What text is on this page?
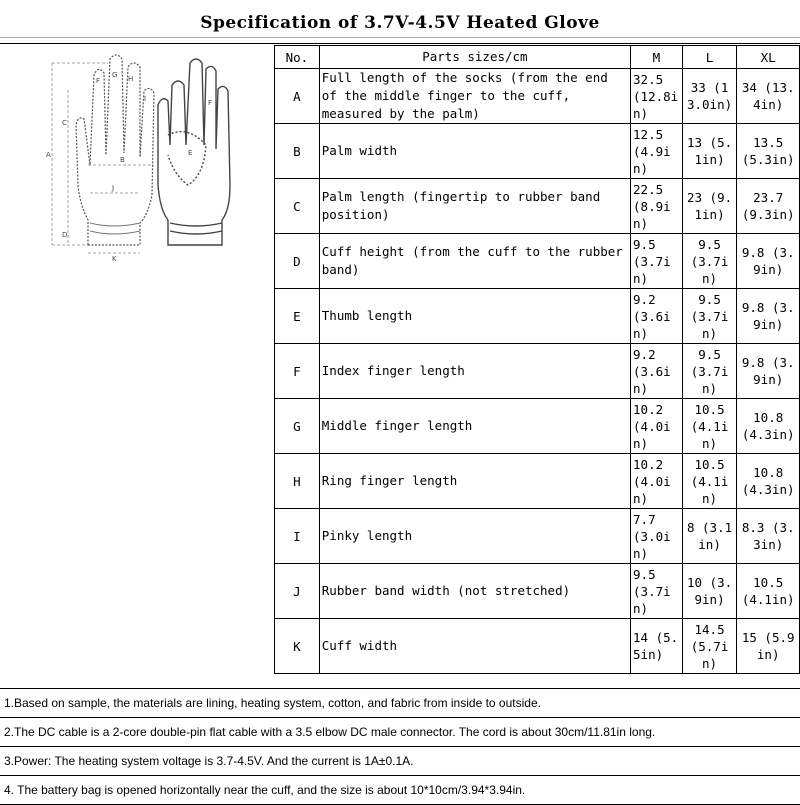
Specification of 3.7V-4.5V Heated Glove
F
G H
I
C
A
B
J
D
K
E
F
No.	Parts sizes/cm	M	L	XL
A	Full length of the socks (from the end of the middle finger to the cuff, measured by the palm)	32.5 (12.8in)	33 (13.0in)	34 (13.4in)
B	Palm width	12.5 (4.9in)	13 (5.1in)	13.5 (5.3in)
C	Palm length (fingertip to rubber band position)	22.5 (8.9in)	23 (9.1in)	23.7 (9.3in)
D	Cuff height (from the cuff to the rubber band)	9.5 (3.7in)	9.5 (3.7in)	9.8 (3.9in)
E	Thumb length	9.2 (3.6in)	9.5 (3.7in)	9.8 (3.9in)
F	Index finger length	9.2 (3.6in)	9.5 (3.7in)	9.8 (3.9in)
G	Middle finger length	10.2 (4.0in)	10.5 (4.1in)	10.8 (4.3in)
H	Ring finger length	10.2 (4.0in)	10.5 (4.1in)	10.8 (4.3in)
I	Pinky length	7.7 (3.0in)	8 (3.1in)	8.3 (3.3in)
J	Rubber band width (not stretched)	9.5 (3.7in)	10 (3.9in)	10.5 (4.1in)
K	Cuff width	14 (5.5in)	14.5 (5.7in)	15 (5.9in)
1.Based on sample, the materials are lining, heating system, cotton, and fabric from inside to outside.
2.The DC cable is a 2-core double-pin flat cable with a 3.5 elbow DC male connector. The cord is about 30cm/11.81in long.
3.Power: The heating system voltage is 3.7-4.5V. And the current is 1A±0.1A.
4. The battery bag is opened horizontally near the cuff, and the size is about 10*10cm/3.94*3.94in.
